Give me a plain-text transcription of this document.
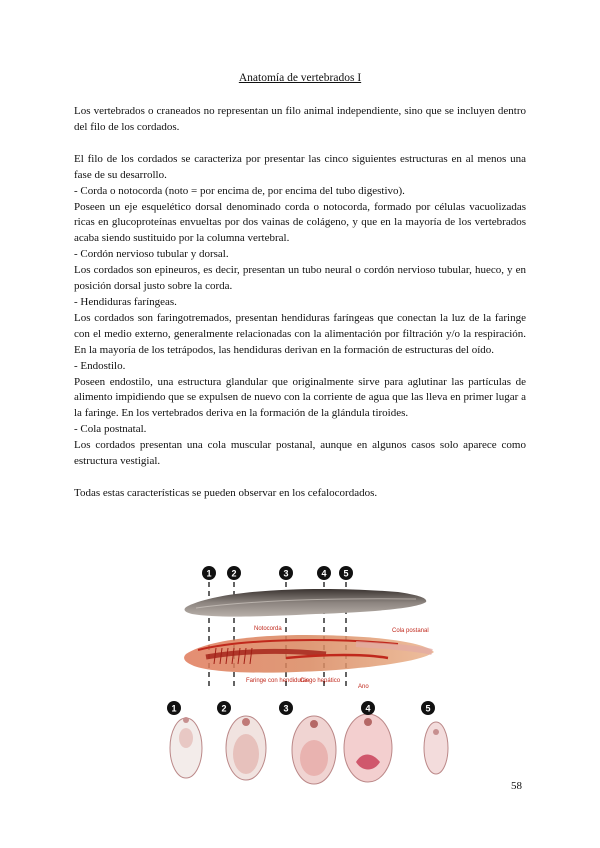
Anatomía de vertebrados I

Los vertebrados o craneados no representan un filo animal independiente, sino que se incluyen dentro del filo de los cordados.

El filo de los cordados se caracteriza por presentar las cinco siguientes estructuras en al menos una fase de su desarrollo.

- Corda o notocorda (noto = por encima de, por encima del tubo digestivo).

Poseen un eje esquelético dorsal denominado corda o notocorda, formado por células vacuolizadas ricas en glucoproteínas envueltas por dos vainas de colágeno, y que en la mayoría de los vertebrados acaba siendo sustituido por la columna vertebral.

- Cordón nervioso tubular y dorsal.

Los cordados son epineuros, es decir, presentan un tubo neural o cordón nervioso tubular, hueco, y en posición dorsal justo sobre la corda.

- Hendiduras faríngeas.

Los cordados son faringotremados, presentan hendiduras faríngeas que conectan la luz de la faringe con el medio externo, generalmente relacionadas con la alimentación por filtración y/o la respiración. En la mayoría de los tetrápodos, las hendiduras derivan en la formación de estructuras del oído.

- Endostilo.

Poseen endostilo, una estructura glandular que originalmente sirve para aglutinar las partículas de alimento impidiendo que se expulsen de nuevo con la corriente de agua que las lleva en primer lugar a la faringe. En los vertebrados deriva en la formación de la glándula tiroides.

- Cola postnatal.

Los cordados presentan una cola muscular postanal, aunque en algunos casos solo aparece como estructura vestigial.

Todas estas características se pueden observar en los cefalocordados.

1 2	3	4 5
Notocorda	Cola postanal
Faringe con hendiduras
Ciego hepático
Ano
1	2	3	4	5
58
